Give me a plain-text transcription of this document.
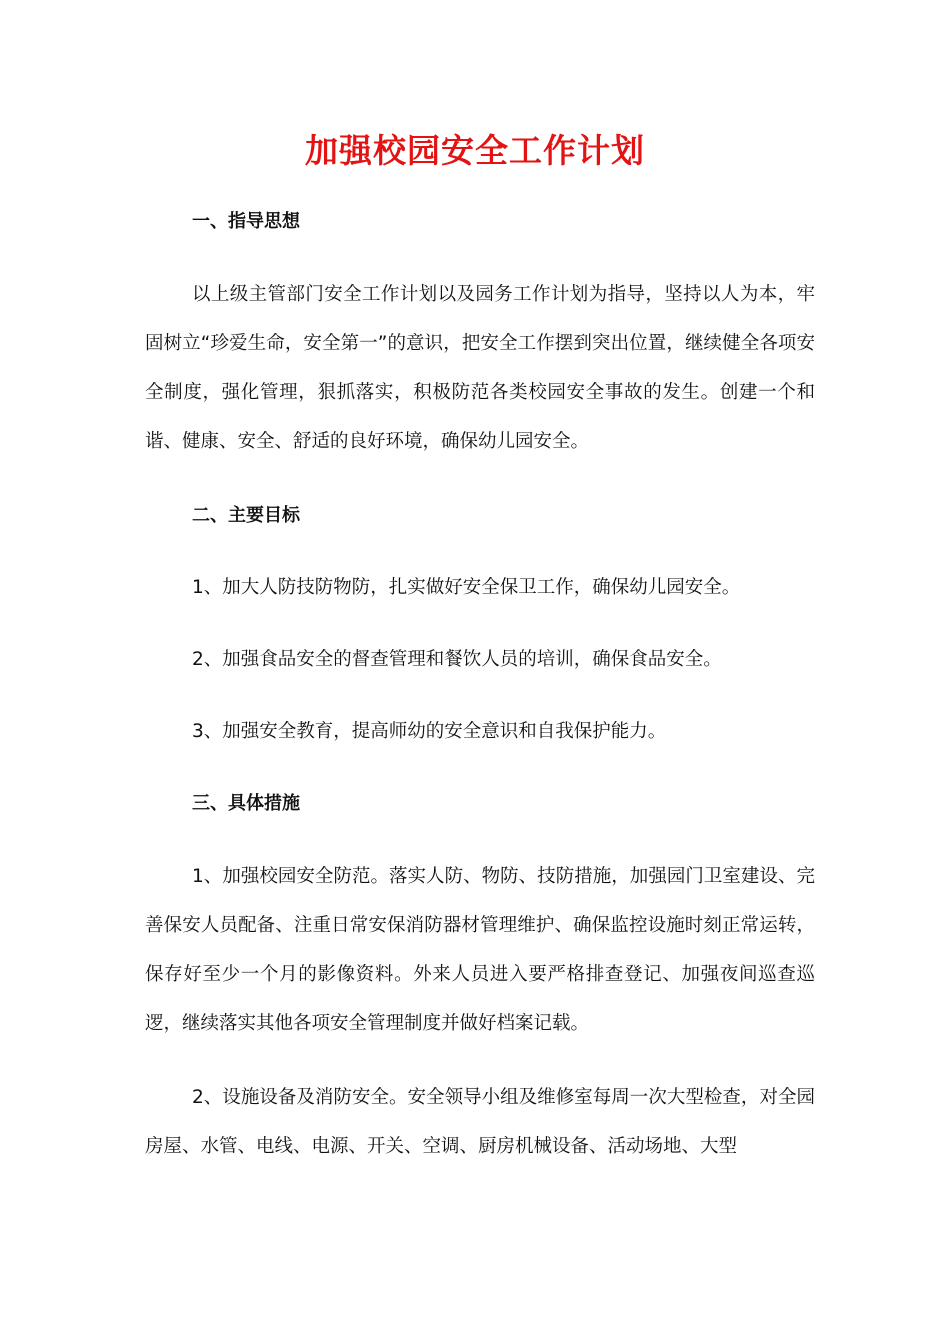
加强校园安全工作计划
一、指导思想

以上级主管部门安全工作计划以及园务工作计划为指导，坚持以人为本，牢固树立“珍爱生命，安全第一”的意识，把安全工作摆到突出位置，继续健全各项安全制度，强化管理，狠抓落实，积极防范各类校园安全事故的发生。创建一个和谐、健康、安全、舒适的良好环境，确保幼儿园安全。

二、主要目标

1、加大人防技防物防，扎实做好安全保卫工作，确保幼儿园安全。

2、加强食品安全的督查管理和餐饮人员的培训，确保食品安全。

3、加强安全教育，提高师幼的安全意识和自我保护能力。

三、具体措施

1、加强校园安全防范。落实人防、物防、技防措施，加强园门卫室建设、完善保安人员配备、注重日常安保消防器材管理维护、确保监控设施时刻正常运转，保存好至少一个月的影像资料。外来人员进入要严格排查登记、加强夜间巡查巡逻，继续落实其他各项安全管理制度并做好档案记载。

2、设施设备及消防安全。安全领导小组及维修室每周一次大型检查，对全园房屋、水管、电线、电源、开关、空调、厨房机械设备、活动场地、大型
